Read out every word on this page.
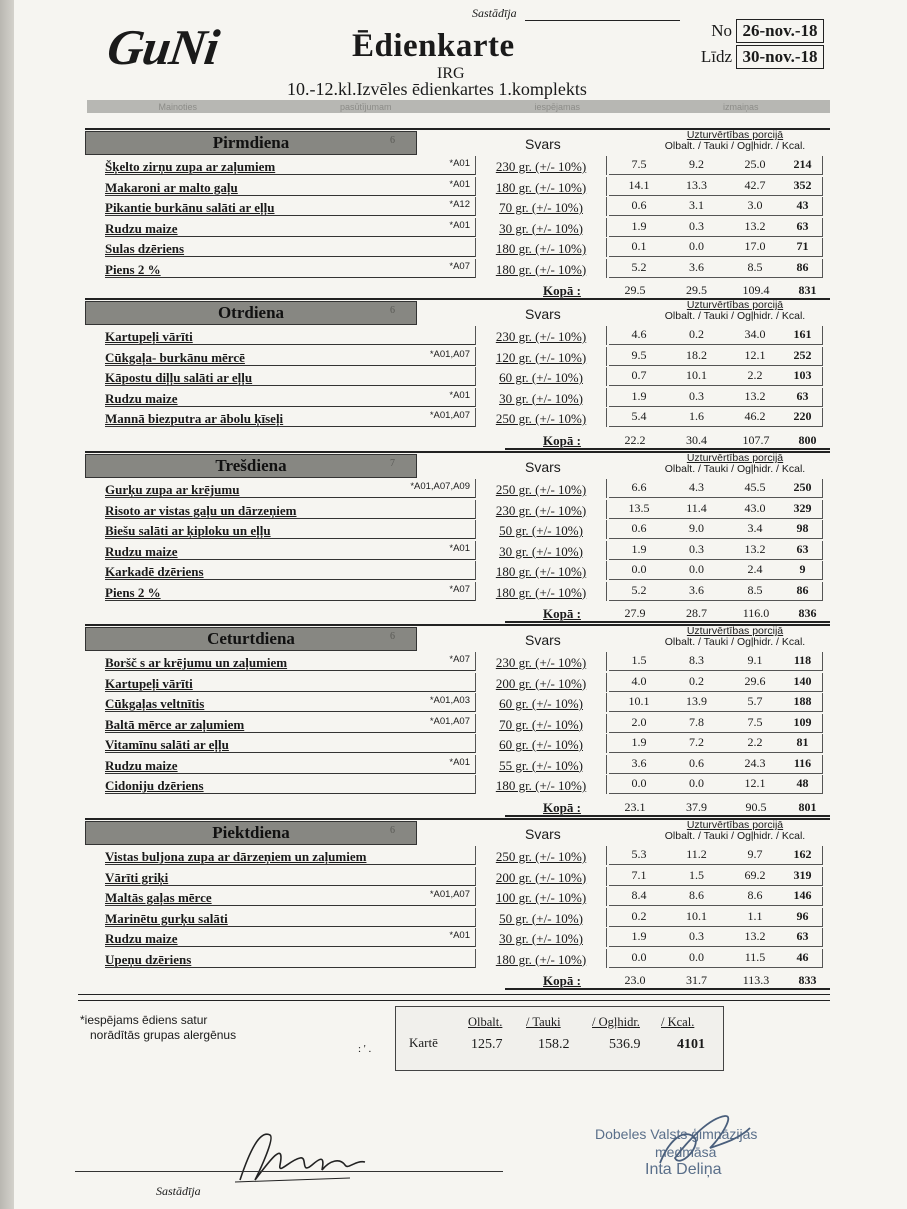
GuNi
Sastādīja
Ēdienkarte
IRG
10.-12.kl.Izvēles ēdienkartes 1.komplekts
Mainoties	pasūtījumam	iespējamas	izmaiņas
No 26-nov.-18
Līdz 30-nov.-18
Pirmdiena	6	Svars
Uzturvērtības porcijā
Olbalt. / Tauki / Ogļhidr. / Kcal.
Šķelto zirņu zupa ar zaļumiem	*A01	230 gr. (+/- 10%)	7.5	9.2	25.0	214
Makaroni ar malto gaļu	*A01	180 gr. (+/- 10%)	14.1	13.3	42.7	352
Pikantie burkānu salāti ar eļļu	*A12	70 gr. (+/- 10%)	0.6	3.1	3.0	43
Rudzu maize	*A01	30 gr. (+/- 10%)	1.9	0.3	13.2	63
Sulas dzēriens	180 gr. (+/- 10%)	0.1	0.0	17.0	71
Piens 2 %	*A07	180 gr. (+/- 10%)	5.2	3.6	8.5	86
Kopā :	29.5	29.5	109.4	831
Otrdiena	6	Svars
Uzturvērtības porcijā
Olbalt. / Tauki / Ogļhidr. / Kcal.
Kartupeļi vārīti	230 gr. (+/- 10%)	4.6	0.2	34.0	161
Cūkgaļa- burkānu mērcē	*A01,A07	120 gr. (+/- 10%)	9.5	18.2	12.1	252
Kāpostu diļļu salāti ar eļļu	60 gr. (+/- 10%)	0.7	10.1	2.2	103
Rudzu maize	*A01	30 gr. (+/- 10%)	1.9	0.3	13.2	63
Mannā biezputra ar ābolu ķīseļi	*A01,A07	250 gr. (+/- 10%)	5.4	1.6	46.2	220
Kopā :	22.2	30.4	107.7	800
Trešdiena	7	Svars
Uzturvērtības porcijā
Olbalt. / Tauki / Ogļhidr. / Kcal.
Gurķu zupa ar krējumu	*A01,A07,A09	250 gr. (+/- 10%)	6.6	4.3	45.5	250
Risoto ar vistas gaļu un dārzeņiem	230 gr. (+/- 10%)	13.5	11.4	43.0	329
Biešu salāti ar ķiploku un eļļu	50 gr. (+/- 10%)	0.6	9.0	3.4	98
Rudzu maize	*A01	30 gr. (+/- 10%)	1.9	0.3	13.2	63
Karkadē dzēriens	180 gr. (+/- 10%)	0.0	0.0	2.4	9
Piens 2 %	*A07	180 gr. (+/- 10%)	5.2	3.6	8.5	86
Kopā :	27.9	28.7	116.0	836
Ceturtdiena	6	Svars
Uzturvērtības porcijā
Olbalt. / Tauki / Ogļhidr. / Kcal.
Boršč s ar krējumu un zaļumiem	*A07	230 gr. (+/- 10%)	1.5	8.3	9.1	118
Kartupeļi vārīti	200 gr. (+/- 10%)	4.0	0.2	29.6	140
Cūkgaļas veltnītis	*A01,A03	60 gr. (+/- 10%)	10.1	13.9	5.7	188
Baltā mērce ar zaļumiem	*A01,A07	70 gr. (+/- 10%)	2.0	7.8	7.5	109
Vitamīnu salāti ar eļļu	60 gr. (+/- 10%)	1.9	7.2	2.2	81
Rudzu maize	*A01	55 gr. (+/- 10%)	3.6	0.6	24.3	116
Cidoniju dzēriens	180 gr. (+/- 10%)	0.0	0.0	12.1	48
Kopā :	23.1	37.9	90.5	801
Piektdiena	6	Svars
Uzturvērtības porcijā
Olbalt. / Tauki / Ogļhidr. / Kcal.
Vistas buljona zupa ar dārzeņiem un zaļumiem	250 gr. (+/- 10%)	5.3	11.2	9.7	162
Vārīti griķi	200 gr. (+/- 10%)	7.1	1.5	69.2	319
Maltās gaļas mērce	*A01,A07	100 gr. (+/- 10%)	8.4	8.6	8.6	146
Marinētu gurķu salāti	50 gr. (+/- 10%)	0.2	10.1	1.1	96
Rudzu maize	*A01	30 gr. (+/- 10%)	1.9	0.3	13.2	63
Upeņu dzēriens	180 gr. (+/- 10%)	0.0	0.0	11.5	46
Kopā :	23.0	31.7	113.3	833
*iespējams ēdiens satur
norādītās grupas alergēnus
: ' .
Olbalt. / Tauki	/ Ogļhidr. / Kcal.
Kartē 125.7	158.2	536.9	4101
Sastādīja
Dobeles Valsts ģimnāzijas
medmāsa
Inta Deliņa
